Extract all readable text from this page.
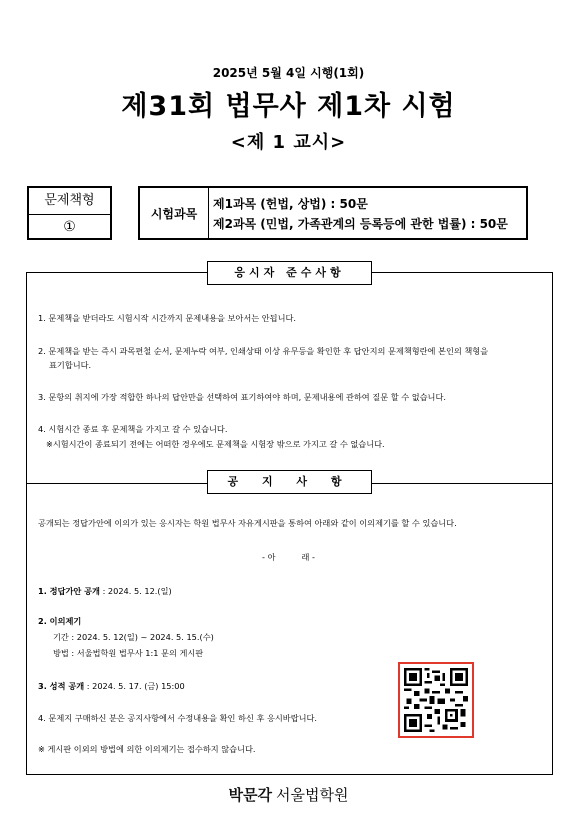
2025년 5월 4일 시행(1회)
제31회 법무사 제1차 시험
<제 1 교시>
문제책형
①
시험과목
제1과목 (헌법, 상법) : 50문
제2과목 (민법, 가족관계의 등록등에 관한 법률) : 50문
응시자 준수사항
1. 문제책을 받더라도 시험시작 시간까지 문제내용을 보아서는 안됩니다.
2. 문제책을 받는 즉시 과목편철 순서, 문제누락 여부, 인쇄상태 이상 유무등을 확인한 후 답안지의 문제책형란에 본인의 책형을
표기합니다.
3. 문항의 취지에 가장 적합한 하나의 답안만을 선택하여 표기하여야 하며, 문제내용에 관하여 질문 할 수 없습니다.
4. 시험시간 종료 후 문제책을 가지고 갈 수 있습니다.
※시험시간이 종료되기 전에는 어떠한 경우에도 문제책을 시험장 밖으로 가지고 갈 수 없습니다.
공 지 사 항
공개되는 정답가안에 이의가 있는 응시자는 학원 법무사 자유게시판을 통하여 아래와 같이 이의제기를 할 수 있습니다.
- 아          래 -
1. 정답가안 공개 : 2024. 5. 12.(일)
2. 이의제기
기간 : 2024. 5. 12(일) ~ 2024. 5. 15.(수)
방법 : 서울법학원 법무사 1:1 문의 게시판
3. 성적 공개 : 2024. 5. 17. (금) 15:00
4. 문제지 구매하신 분은 공지사항에서 수정내용을 확인 하신 후 응시바랍니다.
※ 게시판 이외의 방법에 의한 이의제기는 접수하지 않습니다.
박문각 서울법학원
